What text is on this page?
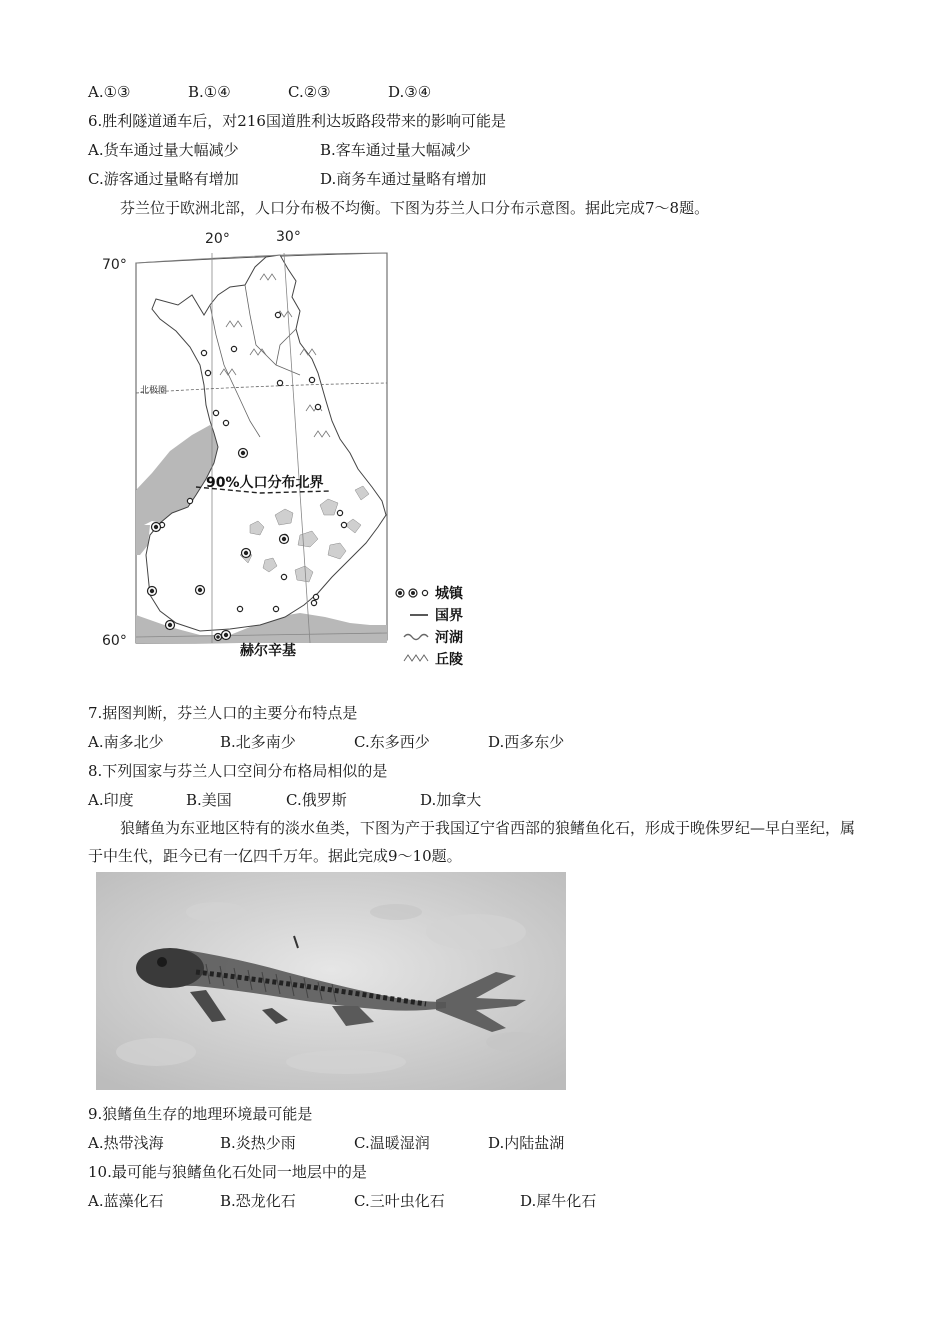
A.①③	B.①④	C.②③	D.③④
6.胜利隧道通车后，对216国道胜利达坂路段带来的影响可能是
A.货车通过量大幅减少	B.客车通过量大幅减少
C.游客通过量略有增加	D.商务车通过量略有增加
芬兰位于欧洲北部，人口分布极不均衡。下图为芬兰人口分布示意图。据此完成7～8题。
20°	30°
70°
60°
北极圈
90%人口分布北界
赫尔辛基
城镇
国界
河湖
丘陵
7.据图判断，芬兰人口的主要分布特点是
A.南多北少	B.北多南少	C.东多西少	D.西多东少
8.下列国家与芬兰人口空间分布格局相似的是
A.印度	B.美国	C.俄罗斯	D.加拿大
狼鳍鱼为东亚地区特有的淡水鱼类，下图为产于我国辽宁省西部的狼鳍鱼化石，形成于晚侏罗纪—早白垩纪，属于中生代，距今已有一亿四千万年。据此完成9～10题。
9.狼鳍鱼生存的地理环境最可能是
A.热带浅海	B.炎热少雨	C.温暖湿润	D.内陆盐湖
10.最可能与狼鳍鱼化石处同一地层中的是
A.蓝藻化石	B.恐龙化石	C.三叶虫化石	D.犀牛化石
